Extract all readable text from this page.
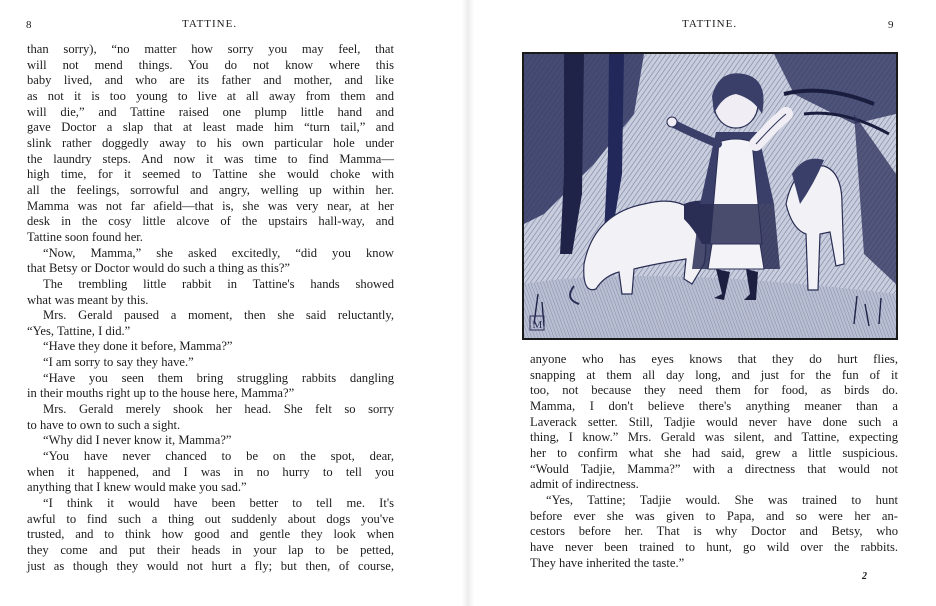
8	TATTINE.
than sorry), “no matter how sorry you may feel, that
will not mend things. You do not know where this
baby lived, and who are its father and mother, and like
as not it is too young to live at all away from them and
will die,” and Tattine raised one plump little hand and
gave Doctor a slap that at least made him “turn tail,” and
slink rather doggedly away to his own particular hole under
the laundry steps. And now it was time to find Mamma—
high time, for it seemed to Tattine she would choke with
all the feelings, sorrowful and angry, welling up within her.
Mamma was not far afield—that is, she was very near, at her
desk in the cosy little alcove of the upstairs hall-way, and
Tattine soon found her.
“Now, Mamma,” she asked excitedly, “did you know
that Betsy or Doctor would do such a thing as this?”
The trembling little rabbit in Tattine's hands showed
what was meant by this.
Mrs. Gerald paused a moment, then she said reluctantly,
“Yes, Tattine, I did.”
“Have they done it before, Mamma?”
“I am sorry to say they have.”
“Have you seen them bring struggling rabbits dangling
in their mouths right up to the house here, Mamma?”
Mrs. Gerald merely shook her head. She felt so sorry
to have to own to such a sight.
“Why did I never know it, Mamma?”
“You have never chanced to be on the spot, dear,
when it happened, and I was in no hurry to tell you
anything that I knew would make you sad.”
“I think it would have been better to tell me. It's
awful to find such a thing out suddenly about dogs you've
trusted, and to think how good and gentle they look when
they come and put their heads in your lap to be petted,
just as though they would not hurt a fly; but then, of course,
TATTINE.	9
anyone who has eyes knows that they do hurt flies,
snapping at them all day long, and just for the fun of it
too, not because they need them for food, as birds do.
Mamma, I don't believe there's anything meaner than a
Laverack setter. Still, Tadjie would never have done such a
thing, I know.” Mrs. Gerald was silent, and Tattine, expecting
her to confirm what she had said, grew a little suspicious.
“Would Tadjie, Mamma?” with a directness that would not
admit of indirectness.
“Yes, Tattine; Tadjie would. She was trained to hunt
before ever she was given to Papa, and so were her an-
cestors before her. That is why Doctor and Betsy, who
have never been trained to hunt, go wild over the rabbits.
They have inherited the taste.”
2
M
